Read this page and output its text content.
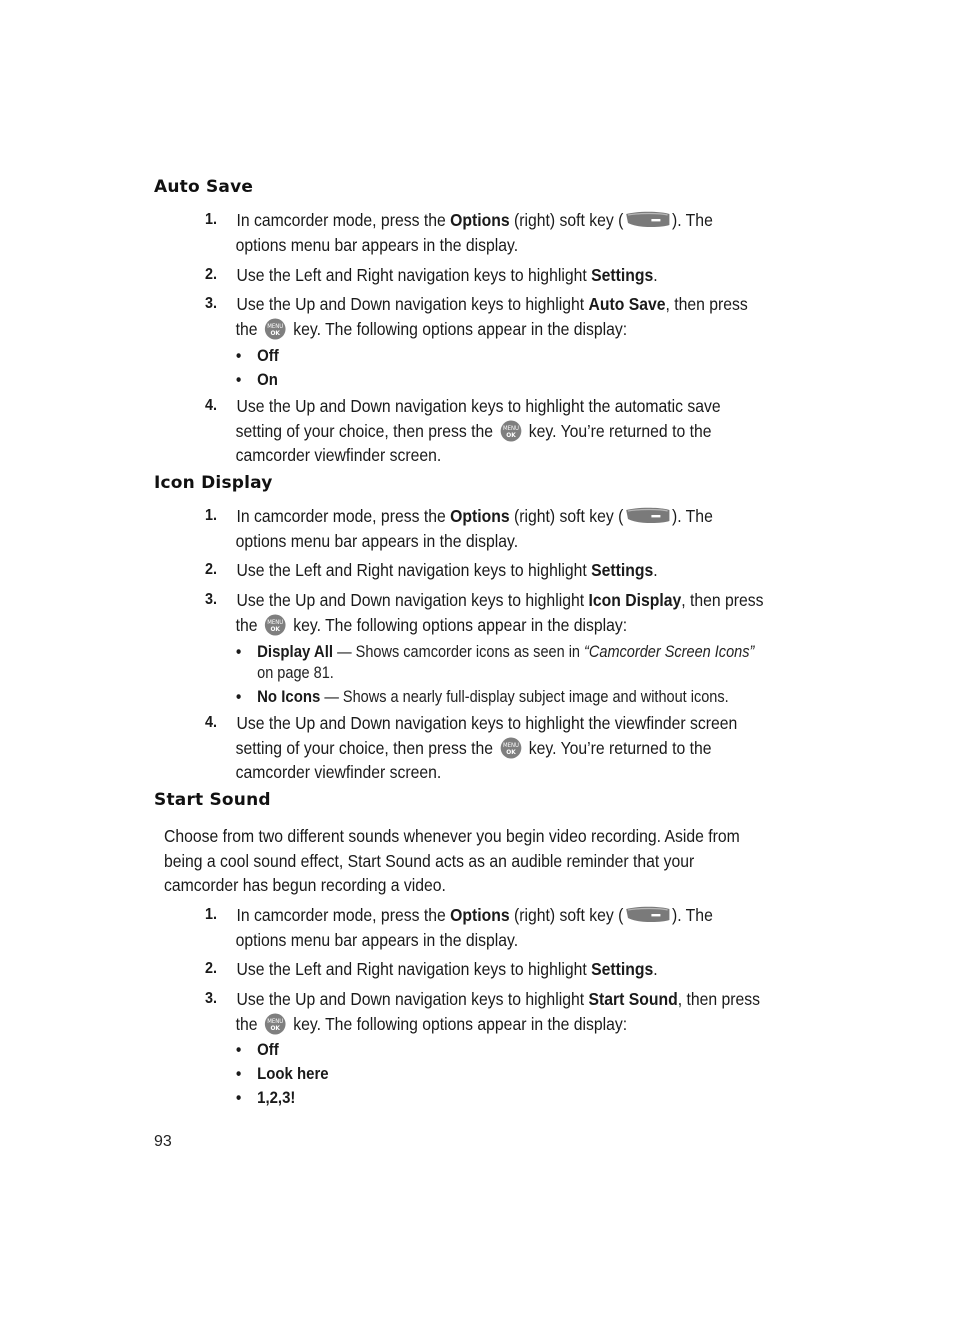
Auto Save
1. In camcorder mode, press the Options (right) soft key (	). The
options menu bar appears in the display.
2. Use the Left and Right navigation keys to highlight Settings.
3. Use the Up and Down navigation keys to highlight Auto Save, then press
the MENU
OK key. The following options appear in the display:
• Off
• On
4. Use the Up and Down navigation keys to highlight the automatic save
setting of your choice, then press the MENU
OK key. You’re returned to the
camcorder viewfinder screen.
Icon Display
1. In camcorder mode, press the Options (right) soft key (	). The
options menu bar appears in the display.
2. Use the Left and Right navigation keys to highlight Settings.
3. Use the Up and Down navigation keys to highlight Icon Display, then press
the MENU
OK key. The following options appear in the display:
• Display All — Shows camcorder icons as seen in “Camcorder Screen Icons”
on page 81.
• No Icons — Shows a nearly full-display subject image and without icons.
4. Use the Up and Down navigation keys to highlight the viewfinder screen
setting of your choice, then press the MENU
OK key. You’re returned to the
camcorder viewfinder screen.
Start Sound
Choose from two different sounds whenever you begin video recording. Aside from
being a cool sound effect, Start Sound acts as an audible reminder that your
camcorder has begun recording a video.
1. In camcorder mode, press the Options (right) soft key (	). The
options menu bar appears in the display.
2. Use the Left and Right navigation keys to highlight Settings.
3. Use the Up and Down navigation keys to highlight Start Sound, then press
the MENU
OK key. The following options appear in the display:
• Off
• Look here
• 1,2,3!
93
